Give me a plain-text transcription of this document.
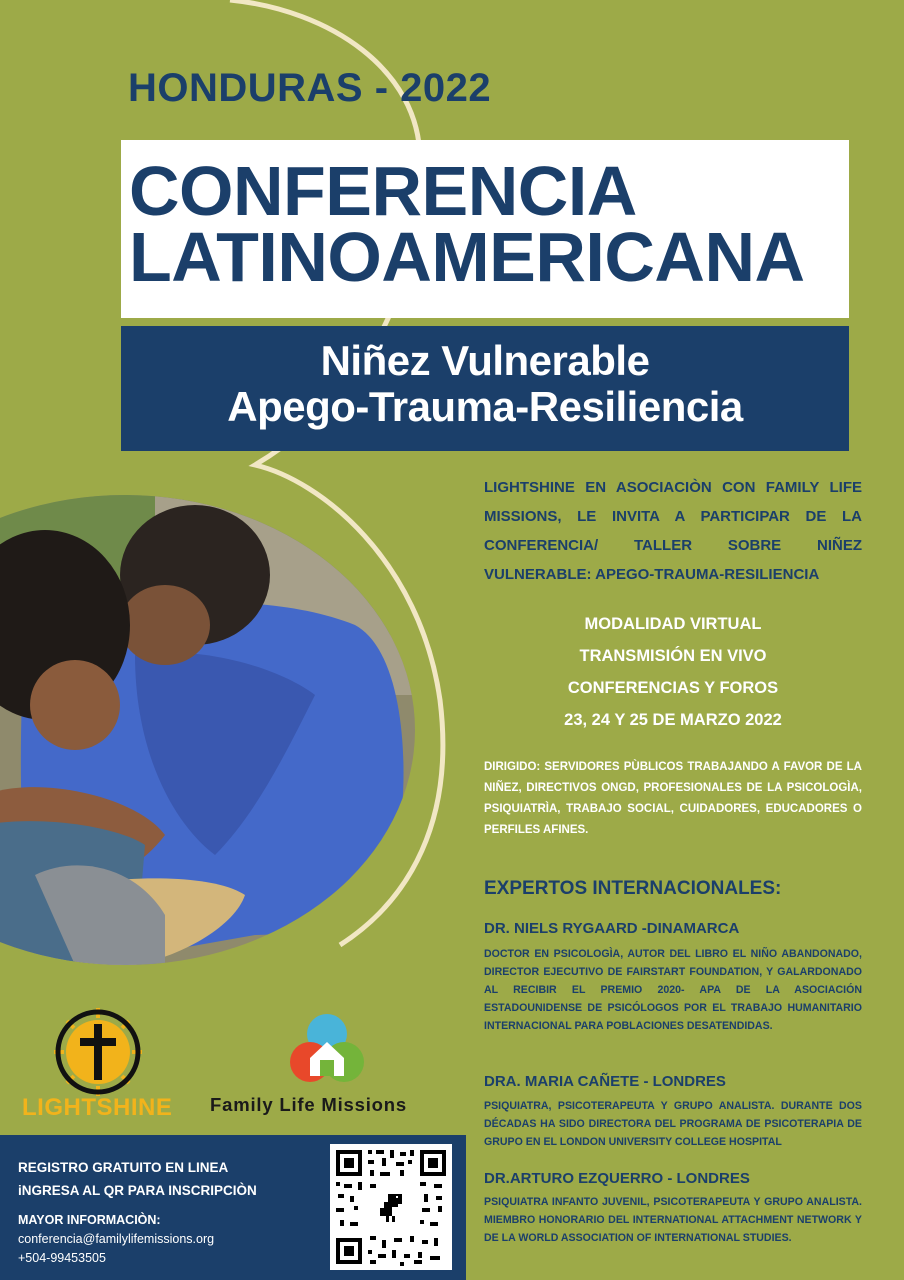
HONDURAS - 2022
CONFERENCIA
LATINOAMERICANA
Niñez Vulnerable
Apego-Trauma-Resiliencia
LIGHTSHINE EN ASOCIACIÒN CON FAMILY LIFE MISSIONS, LE INVITA A PARTICIPAR DE LA CONFERENCIA/ TALLER SOBRE NIÑEZ VULNERABLE: APEGO-TRAUMA-RESILIENCIA
MODALIDAD VIRTUAL
TRANSMISIÓN EN VIVO
CONFERENCIAS Y FOROS
23, 24 Y 25 DE MARZO 2022
DIRIGIDO: SERVIDORES PÙBLICOS TRABAJANDO A FAVOR DE LA NIÑEZ, DIRECTIVOS ONGD, PROFESIONALES DE LA PSICOLOGÌA, PSIQUIATRÌA, TRABAJO SOCIAL, CUIDADORES, EDUCADORES O PERFILES AFINES.
EXPERTOS INTERNACIONALES:
DR. NIELS RYGAARD -DINAMARCA
DOCTOR EN PSICOLOGÌA, AUTOR DEL LIBRO EL NIÑO ABANDONADO, DIRECTOR EJECUTIVO DE FAIRSTART FOUNDATION, Y GALARDONADO AL RECIBIR EL PREMIO 2020- APA DE LA ASOCIACIÓN ESTADOUNIDENSE DE PSICÓLOGOS POR EL TRABAJO HUMANITARIO INTERNACIONAL PARA POBLACIONES DESATENDIDAS.
DRA. MARIA CAÑETE - LONDRES
PSIQUIATRA, PSICOTERAPEUTA Y GRUPO ANALISTA. DURANTE DOS DÉCADAS HA SIDO DIRECTORA DEL PROGRAMA DE PSICOTERAPIA DE GRUPO EN EL LONDON UNIVERSITY COLLEGE HOSPITAL
DR.ARTURO EZQUERRO - LONDRES
PSIQUIATRA INFANTO JUVENIL, PSICOTERAPEUTA Y GRUPO ANALISTA. MIEMBRO HONORARIO DEL INTERNATIONAL ATTACHMENT NETWORK Y DE LA WORLD ASSOCIATION OF INTERNATIONAL STUDIES.
LIGHTSHINE	Family Life Missions
REGISTRO GRATUITO EN LINEA
iNGRESA AL QR PARA INSCRIPCIÒN
MAYOR INFORMACIÒN:
conferencia@familylifemissions.org
+504-99453505
